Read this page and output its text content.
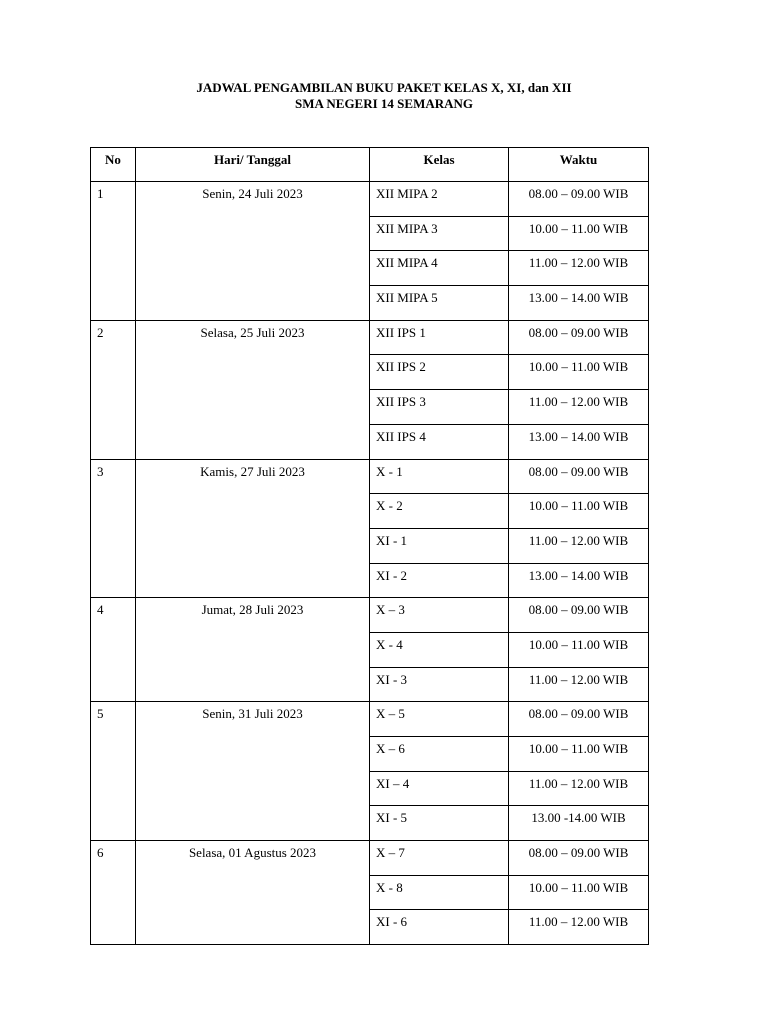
JADWAL PENGAMBILAN BUKU PAKET KELAS X, XI, dan XII
SMA NEGERI 14 SEMARANG
No	Hari/ Tanggal	Kelas	Waktu
1	Senin, 24 Juli 2023	XII MIPA 2	08.00 – 09.00 WIB
		XII MIPA 3	10.00 – 11.00 WIB
		XII MIPA 4	11.00 – 12.00 WIB
		XII MIPA 5	13.00 – 14.00 WIB
2	Selasa, 25 Juli 2023	XII IPS 1	08.00 – 09.00 WIB
		XII IPS 2	10.00 – 11.00 WIB
		XII IPS 3	11.00 – 12.00 WIB
		XII IPS 4	13.00 – 14.00 WIB
3	Kamis, 27 Juli 2023	X - 1	08.00 – 09.00 WIB
		X - 2	10.00 – 11.00 WIB
		XI - 1	11.00 – 12.00 WIB
		XI - 2	13.00 – 14.00 WIB
4	Jumat, 28 Juli 2023	X – 3	08.00 – 09.00 WIB
		X - 4	10.00 – 11.00 WIB
		XI - 3	11.00 – 12.00 WIB
5	Senin, 31 Juli 2023	X – 5	08.00 – 09.00 WIB
		X – 6	10.00 – 11.00 WIB
		XI – 4	11.00 – 12.00 WIB
		XI - 5	13.00 -14.00 WIB
6	Selasa, 01 Agustus 2023	X – 7	08.00 – 09.00 WIB
		X - 8	10.00 – 11.00 WIB
		XI - 6	11.00 – 12.00 WIB
